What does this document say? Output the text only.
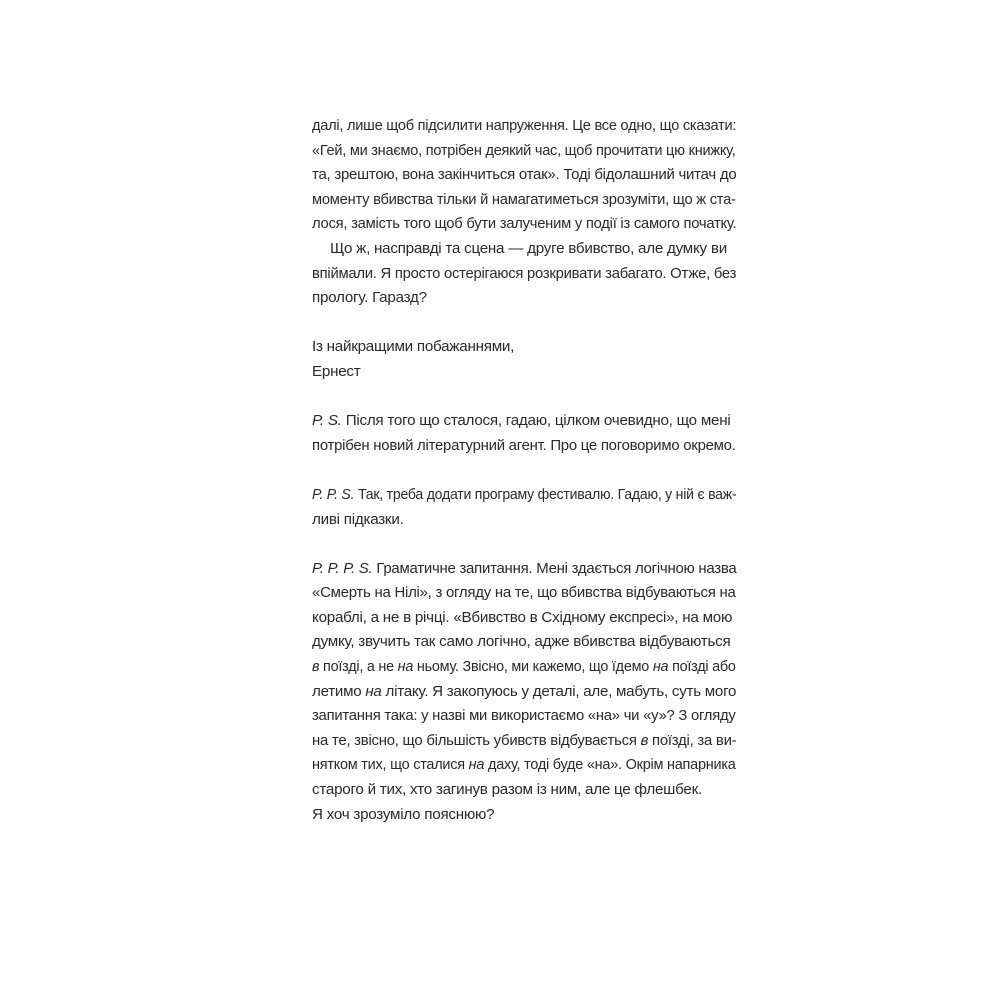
далі, лише щоб підсилити напруження. Це все одно, що сказати:
«Гей, ми знаємо, потрібен деякий час, щоб прочитати цю книжку,
та, зрештою, вона закінчиться отак». Тоді бідолашний читач до
моменту вбивства тільки й намагатиметься зрозуміти, що ж ста-
лося, замість того щоб бути залученим у події із самого початку.

Що ж, насправді та сцена — друге вбивство, але думку ви
впіймали. Я просто остерігаюся розкривати забагато. Отже, без
прологу. Гаразд?

Із найкращими побажаннями,
Ернест

P. S. Після того що сталося, гадаю, цілком очевидно, що мені
потрібен новий літературний агент. Про це поговоримо окремо.

P. P. S. Так, треба додати програму фестивалю. Гадаю, у ній є важ-
ливі підказки.

P. P. P. S. Граматичне запитання. Мені здається логічною назва
«Смерть на Нілі», з огляду на те, що вбивства відбуваються на
кораблі, а не в річці. «Вбивство в Східному експресі», на мою
думку, звучить так само логічно, адже вбивства відбуваються
в поїзді, а не на ньому. Звісно, ми кажемо, що їдемо на поїзді або
летимо на літаку. Я закопуюсь у деталі, але, мабуть, суть мого
запитання така: у назві ми використаємо «на» чи «у»? З огляду
на те, звісно, що більшість убивств відбувається в поїзді, за ви-
нятком тих, що сталися на даху, тоді буде «на». Окрім напарника
старого й тих, хто загинув разом із ним, але це флешбек.
Я хоч зрозуміло пояснюю?
